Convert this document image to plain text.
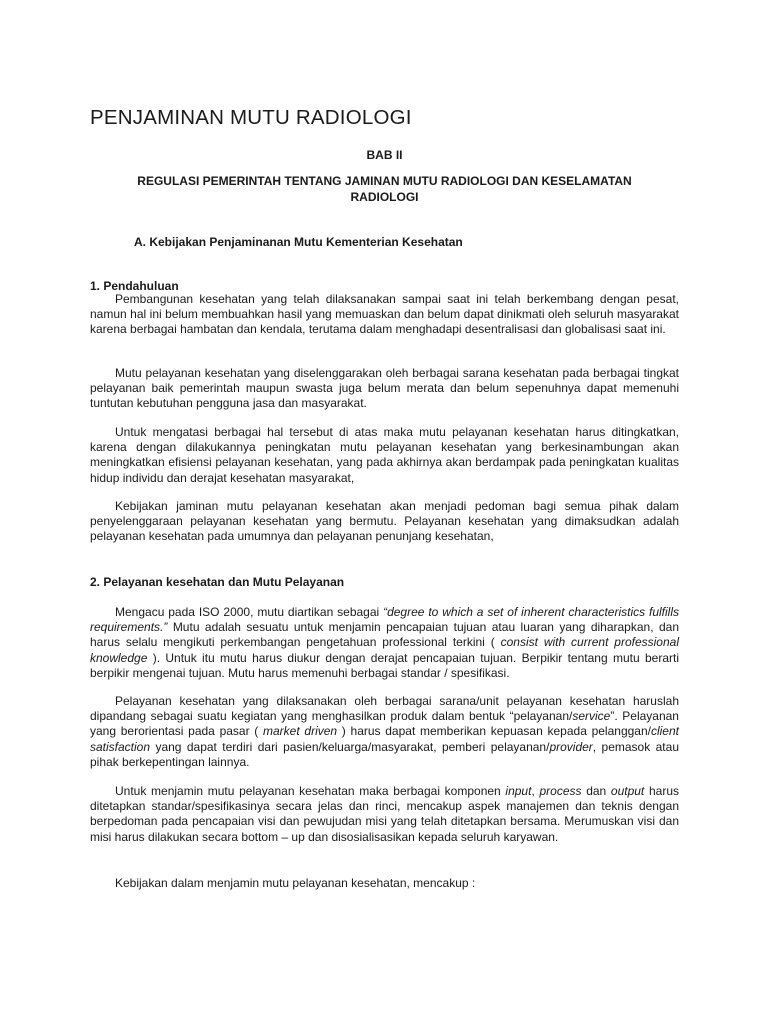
PENJAMINAN MUTU RADIOLOGI
BAB II
REGULASI PEMERINTAH TENTANG JAMINAN MUTU RADIOLOGI DAN KESELAMATAN RADIOLOGI
A. Kebijakan Penjaminanan Mutu Kementerian Kesehatan
1. Pendahuluan

Pembangunan kesehatan yang telah dilaksanakan sampai saat ini telah berkembang dengan pesat, namun hal ini belum membuahkan hasil yang memuaskan dan belum dapat dinikmati oleh seluruh masyarakat karena berbagai hambatan dan kendala, terutama dalam menghadapi desentralisasi dan globalisasi saat ini.

Mutu pelayanan kesehatan yang diselenggarakan oleh berbagai sarana kesehatan pada berbagai tingkat pelayanan baik pemerintah maupun swasta juga belum merata dan belum sepenuhnya dapat memenuhi tuntutan kebutuhan pengguna jasa dan masyarakat.

Untuk mengatasi berbagai hal tersebut di atas maka mutu pelayanan kesehatan harus ditingkatkan, karena dengan dilakukannya peningkatan mutu pelayanan kesehatan yang berkesinambungan akan meningkatkan efisiensi pelayanan kesehatan, yang pada akhirnya akan berdampak pada peningkatan kualitas hidup individu dan derajat kesehatan masyarakat,

Kebijakan jaminan mutu pelayanan kesehatan akan menjadi pedoman bagi semua pihak dalam penyelenggaraan pelayanan kesehatan yang bermutu. Pelayanan kesehatan yang dimaksudkan adalah pelayanan kesehatan pada umumnya dan pelayanan penunjang kesehatan,

2. Pelayanan kesehatan dan Mutu Pelayanan

Mengacu pada ISO 2000, mutu diartikan sebagai “degree to which a set of inherent characteristics fulfills requirements.” Mutu adalah sesuatu untuk menjamin pencapaian tujuan atau luaran yang diharapkan, dan harus selalu mengikuti perkembangan pengetahuan professional terkini ( consist with current professional knowledge ). Untuk itu mutu harus diukur dengan derajat pencapaian tujuan. Berpikir tentang mutu berarti berpikir mengenai tujuan. Mutu harus memenuhi berbagai standar / spesifikasi.

Pelayanan kesehatan yang dilaksanakan oleh berbagai sarana/unit pelayanan kesehatan haruslah dipandang sebagai suatu kegiatan yang menghasilkan produk dalam bentuk “pelayanan/service”. Pelayanan yang berorientasi pada pasar ( market driven ) harus dapat memberikan kepuasan kepada pelanggan/client satisfaction yang dapat terdiri dari pasien/keluarga/masyarakat, pemberi pelayanan/provider, pemasok atau pihak berkepentingan lainnya.

Untuk menjamin mutu pelayanan kesehatan maka berbagai komponen input, process dan output harus ditetapkan standar/spesifikasinya secara jelas dan rinci, mencakup aspek manajemen dan teknis dengan berpedoman pada pencapaian visi dan pewujudan misi yang telah ditetapkan bersama. Merumuskan visi dan misi harus dilakukan secara bottom – up dan disosialisasikan kepada seluruh karyawan.

Kebijakan dalam menjamin mutu pelayanan kesehatan, mencakup :
